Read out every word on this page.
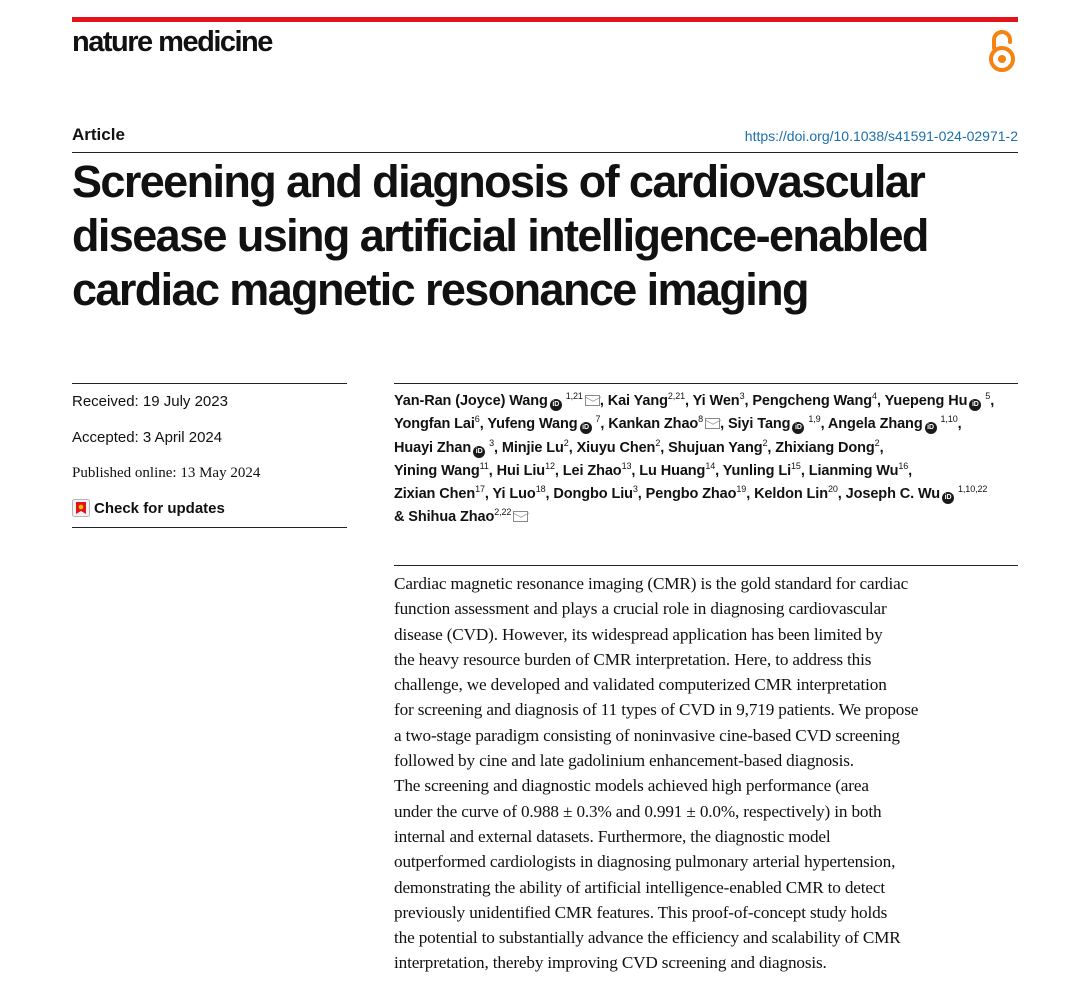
nature medicine
Article	https://doi.org/10.1038/s41591-024-02971-2
Screening and diagnosis of cardiovascular
disease using artificial intelligence-enabled
cardiac magnetic resonance imaging
Received: 19 July 2023
Accepted: 3 April 2024
Published online: 13 May 2024
Check for updates
Yan-Ran (Joyce) Wang iD $^{1,21}$ , Kai Yang$^{2,21}$, Yi Wen$^3$, Pengcheng Wang$^4$, Yuepeng Hu iD $^5$,
Yongfan Lai$^6$, Yufeng Wang iD $^7$, Kankan Zhao$^8$ , Siyi Tang iD $^{1,9}$, Angela Zhang iD $^{1,10}$,
Huayi Zhan iD $^3$, Minjie Lu$^2$, Xiuyu Chen$^2$, Shujuan Yang$^2$, Zhixiang Dong$^2$,
Yining Wang$^{11}$, Hui Liu$^{12}$, Lei Zhao$^{13}$, Lu Huang$^{14}$, Yunling Li$^{15}$, Lianming Wu$^{16}$,
Zixian Chen$^{17}$, Yi Luo$^{18}$, Dongbo Liu$^3$, Pengbo Zhao$^{19}$, Keldon Lin$^{20}$, Joseph C. Wu iD $^{1,10,22}$
& Shihua Zhao$^{2,22}$
Cardiac magnetic resonance imaging (CMR) is the gold standard for cardiac
function assessment and plays a crucial role in diagnosing cardiovascular
disease (CVD). However, its widespread application has been limited by
the heavy resource burden of CMR interpretation. Here, to address this
challenge, we developed and validated computerized CMR interpretation
for screening and diagnosis of 11 types of CVD in 9,719 patients. We propose
a two-stage paradigm consisting of noninvasive cine-based CVD screening
followed by cine and late gadolinium enhancement-based diagnosis.
The screening and diagnostic models achieved high performance (area
under the curve of 0.988 ± 0.3% and 0.991 ± 0.0%, respectively) in both
internal and external datasets. Furthermore, the diagnostic model
outperformed cardiologists in diagnosing pulmonary arterial hypertension,
demonstrating the ability of artificial intelligence-enabled CMR to detect
previously unidentified CMR features. This proof-of-concept study holds
the potential to substantially advance the efficiency and scalability of CMR
interpretation, thereby improving CVD screening and diagnosis.
